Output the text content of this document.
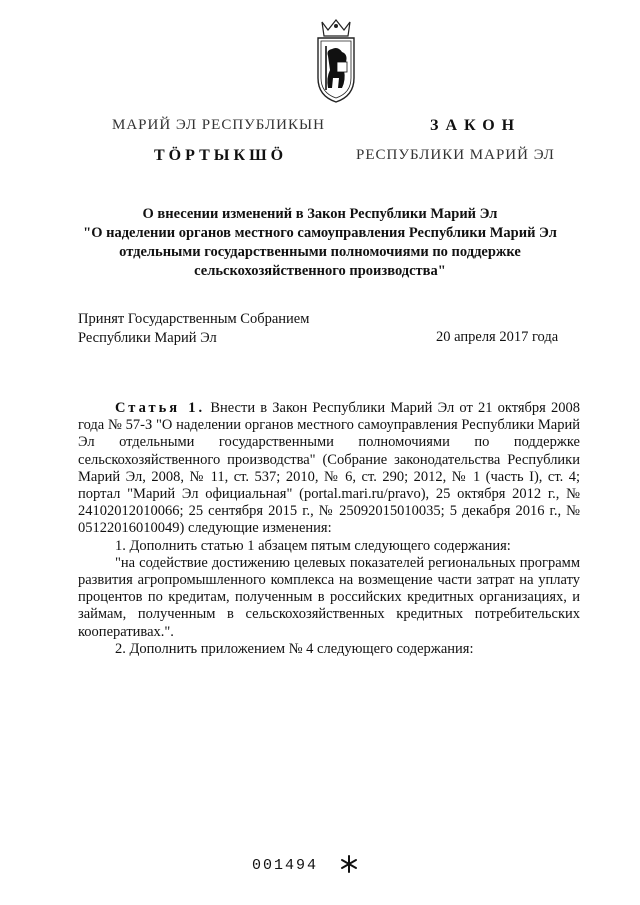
МАРИЙ ЭЛ РЕСПУБЛИКЫН
ТӦРТЫКШӦ
ЗАКОН
РЕСПУБЛИКИ МАРИЙ ЭЛ
О внесении изменений в Закон Республики Марий Эл
"О наделении органов местного самоуправления Республики Марий Эл
отдельными государственными полномочиями по поддержке
сельскохозяйственного производства"
Принят Государственным Собранием
Республики Марий Эл	20 апреля 2017 года

Статья 1. Внести в Закон Республики Марий Эл от 21 октября 2008 года № 57-З "О наделении органов местного самоуправления Республики Марий Эл отдельными государственными полномочиями по поддержке сельскохозяйственного производства" (Собрание законодательства Республики Марий Эл, 2008, № 11, ст. 537; 2010, № 6, ст. 290; 2012, № 1 (часть I), ст. 4; портал "Марий Эл официальная" (portal.mari.ru/pravo), 25 октября 2012 г., № 24102012010066; 25 сентября 2015 г., № 25092015010035; 5 декабря 2016 г., № 05122016010049) следующие изменения:

1. Дополнить статью 1 абзацем пятым следующего содержания:

"на содействие достижению целевых показателей региональных программ развития агропромышленного комплекса на возмещение части затрат на уплату процентов по кредитам, полученным в российских кредитных организациях, и займам, полученным в сельскохозяйственных кредитных потребительских кооперативах.".

2. Дополнить приложением № 4 следующего содержания:

001494
